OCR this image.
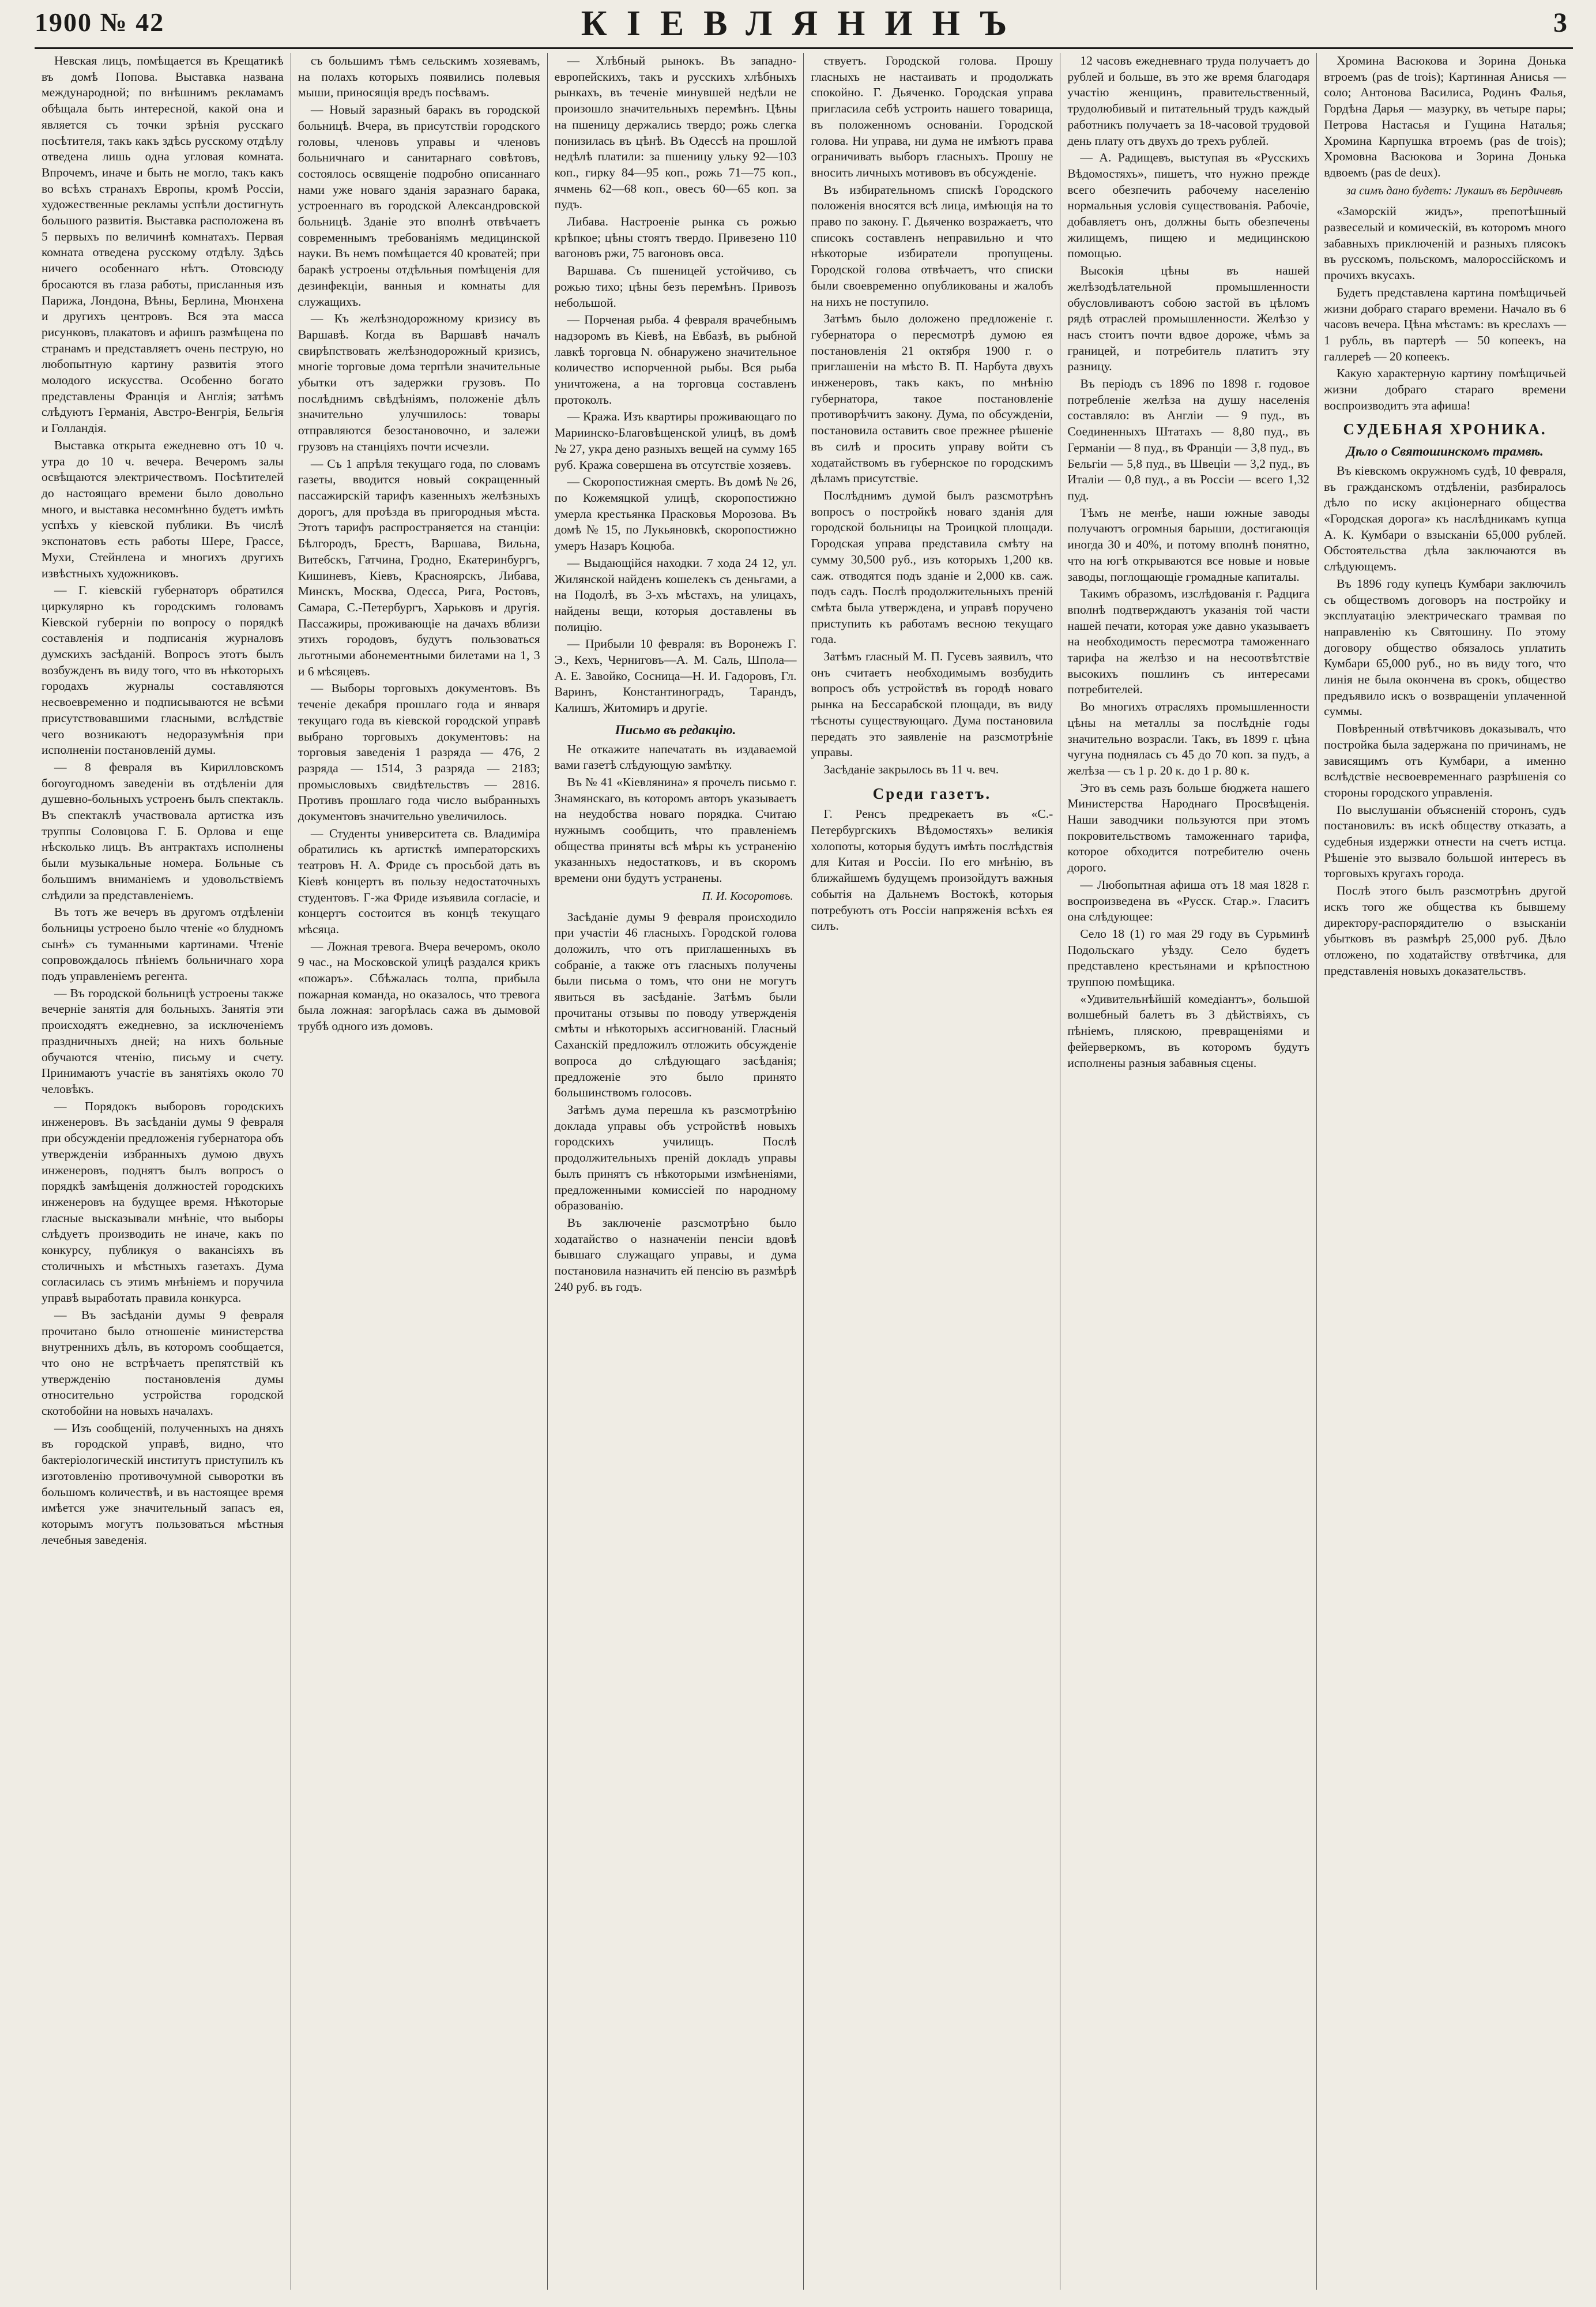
1900 № 42	КІЕВЛЯНИНЪ	3

Невская лицъ, помѣщается въ Крещатикѣ въ домѣ Попова. Выставка названа международной; по внѣшнимъ рекламамъ обѣщала быть интересной, какой она и является съ точки зрѣнія русскаго посѣтителя, такъ какъ здѣсь русскому отдѣлу отведена лишь одна угловая комната. Впрочемъ, иначе и быть не могло, такъ какъ во всѣхъ странахъ Европы, кромѣ Россіи, художественные рекламы успѣли достигнуть большого развитія. Выставка расположена въ 5 первыхъ по величинѣ комнатахъ. Первая комната отведена русскому отдѣлу. Здѣсь ничего особеннаго нѣтъ. Отовсюду бросаются въ глаза работы, присланныя изъ Парижа, Лондона, Вѣны, Берлина, Мюнхена и другихъ центровъ. Вся эта масса рисунковъ, плакатовъ и афишъ размѣщена по странамъ и представляетъ очень пеструю, но любопытную картину развитія этого молодого искусства. Особенно богато представлены Франція и Англія; затѣмъ слѣдуютъ Германія, Австро-Венгрія, Бельгія и Голландія.

Выставка открыта ежедневно отъ 10 ч. утра до 10 ч. вечера. Вечеромъ залы освѣщаются электричествомъ. Посѣтителей до настоящаго времени было довольно много, и выставка несомнѣнно будетъ имѣть успѣхъ у кіевской публики. Въ числѣ экспонатовъ есть работы Шере, Грассе, Мухи, Стейнлена и многихъ другихъ извѣстныхъ художниковъ.

— Г. кіевскій губернаторъ обратился циркулярно къ городскимъ головамъ Кіевской губерніи по вопросу о порядкѣ составленія и подписанія журналовъ думскихъ засѣданій. Вопросъ этотъ былъ возбужденъ въ виду того, что въ нѣкоторыхъ городахъ журналы составляются несвоевременно и подписываются не всѣми присутствовавшими гласными, вслѣдствіе чего возникаютъ недоразумѣнія при исполненіи постановленій думы.

— 8 февраля въ Кирилловскомъ богоугодномъ заведеніи въ отдѣленіи для душевно-больныхъ устроенъ былъ спектакль. Въ спектаклѣ участвовала артистка изъ труппы Соловцова Г. Б. Орлова и еще нѣсколько лицъ. Въ антрактахъ исполнены были музыкальные номера. Больные съ большимъ вниманіемъ и удовольствіемъ слѣдили за представленіемъ.

Въ тотъ же вечеръ въ другомъ отдѣленіи больницы устроено было чтеніе «о блудномъ сынѣ» съ туманными картинами. Чтеніе сопровождалось пѣніемъ больничнаго хора подъ управленіемъ регента.

— Въ городской больницѣ устроены также вечерніе занятія для больныхъ. Занятія эти происходятъ ежедневно, за исключеніемъ праздничныхъ дней; на нихъ больные обучаются чтенію, письму и счету. Принимаютъ участіе въ занятіяхъ около 70 человѣкъ.

— Порядокъ выборовъ городскихъ инженеровъ. Въ засѣданіи думы 9 февраля при обсужденіи предложенія губернатора объ утвержденіи избранныхъ думою двухъ инженеровъ, поднятъ былъ вопросъ о порядкѣ замѣщенія должностей городскихъ инженеровъ на будущее время. Нѣкоторые гласные высказывали мнѣніе, что выборы слѣдуетъ производить не иначе, какъ по конкурсу, публикуя о вакансіяхъ въ столичныхъ и мѣстныхъ газетахъ. Дума согласилась съ этимъ мнѣніемъ и поручила управѣ выработать правила конкурса.

— Въ засѣданіи думы 9 февраля прочитано было отношеніе министерства внутреннихъ дѣлъ, въ которомъ сообщается, что оно не встрѣчаетъ препятствій къ утвержденію постановленія думы относительно устройства городской скотобойни на новыхъ началахъ.

— Изъ сообщеній, полученныхъ на дняхъ въ городской управѣ, видно, что бактеріологическій институтъ приступилъ къ изготовленію противочумной сыворотки въ большомъ количествѣ, и въ настоящее время имѣется уже значительный запасъ ея, которымъ могутъ пользоваться мѣстныя лечебныя заведенія.

съ большимъ тѣмъ сельскимъ хозяевамъ, на полахъ которыхъ появились полевыя мыши, приносящія вредъ посѣвамъ.

— Новый заразный баракъ въ городской больницѣ. Вчера, въ присутствіи городского головы, членовъ управы и членовъ больничнаго и санитарнаго совѣтовъ, состоялось освященіе подробно описаннаго нами уже новаго зданія заразнаго барака, устроеннаго въ городской Александровской больницѣ. Зданіе это вполнѣ отвѣчаетъ современнымъ требованіямъ медицинской науки. Въ немъ помѣщается 40 кроватей; при баракѣ устроены отдѣльныя помѣщенія для дезинфекціи, ванныя и комнаты для служащихъ.

— Къ желѣзнодорожному кризису въ Варшавѣ. Когда въ Варшавѣ началъ свирѣпствовать желѣзнодорожный кризисъ, многіе торговые дома терпѣли значительные убытки отъ задержки грузовъ. По послѣднимъ свѣдѣніямъ, положеніе дѣлъ значительно улучшилось: товары отправляются безостановочно, и залежи грузовъ на станціяхъ почти исчезли.

— Съ 1 апрѣля текущаго года, по словамъ газеты, вводится новый сокращенный пассажирскій тарифъ казенныхъ желѣзныхъ дорогъ, для проѣзда въ пригородныя мѣста. Этотъ тарифъ распространяется на станціи: Бѣлгородъ, Брестъ, Варшава, Вильна, Витебскъ, Гатчина, Гродно, Екатеринбургъ, Кишиневъ, Кіевъ, Красноярскъ, Либава, Минскъ, Москва, Одесса, Рига, Ростовъ, Самара, С.-Петербургъ, Харьковъ и другія. Пассажиры, проживающіе на дачахъ вблизи этихъ городовъ, будутъ пользоваться льготными абонементными билетами на 1, 3 и 6 мѣсяцевъ.

— Выборы торговыхъ документовъ. Въ теченіе декабря прошлаго года и января текущаго года въ кіевской городской управѣ выбрано торговыхъ документовъ: на торговыя заведенія 1 разряда — 476, 2 разряда — 1514, 3 разряда — 2183; промысловыхъ свидѣтельствъ — 2816. Противъ прошлаго года число выбранныхъ документовъ значительно увеличилось.

— Студенты университета св. Владиміра обратились къ артисткѣ императорскихъ театровъ Н. А. Фриде съ просьбой дать въ Кіевѣ концертъ въ пользу недостаточныхъ студентовъ. Г-жа Фриде изъявила согласіе, и концертъ состоится въ концѣ текущаго мѣсяца.

— Ложная тревога. Вчера вечеромъ, около 9 час., на Московской улицѣ раздался крикъ «пожаръ». Сбѣжалась толпа, прибыла пожарная команда, но оказалось, что тревога была ложная: загорѣлась сажа въ дымовой трубѣ одного изъ домовъ.

— Хлѣбный рынокъ. Въ западно-европейскихъ, такъ и русскихъ хлѣбныхъ рынкахъ, въ теченіе минувшей недѣли не произошло значительныхъ перемѣнъ. Цѣны на пшеницу держались твердо; рожь слегка понизилась въ цѣнѣ. Въ Одессѣ на прошлой недѣлѣ платили: за пшеницу ульку 92—103 коп., гирку 84—95 коп., рожь 71—75 коп., ячмень 62—68 коп., овесъ 60—65 коп. за пудъ.

Либава. Настроеніе рынка съ рожью крѣпкое; цѣны стоятъ твердо. Привезено 110 вагоновъ ржи, 75 вагоновъ овса.

Варшава. Съ пшеницей устойчиво, съ рожью тихо; цѣны безъ перемѣнъ. Привозъ небольшой.

— Порченая рыба. 4 февраля врачебнымъ надзоромъ въ Кіевѣ, на Евбазѣ, въ рыбной лавкѣ торговца N. обнаружено значительное количество испорченной рыбы. Вся рыба уничтожена, а на торговца составленъ протоколъ.

— Кража. Изъ квартиры проживающаго по Мариинско-Благовѣщенской улицѣ, въ домѣ № 27, укра дено разныхъ вещей на сумму 165 руб. Кража совершена въ отсутствіе хозяевъ.

— Скоропостижная смерть. Въ домѣ № 26, по Кожемяцкой улицѣ, скоропостижно умерла крестьянка Прасковья Морозова. Въ домѣ № 15, по Лукьяновкѣ, скоропостижно умеръ Назаръ Коцюба.

— Выдающійся находки. 7 хода 24 12, ул. Жилянской найденъ кошелекъ съ деньгами, а на Подолѣ, въ 3-хъ мѣстахъ, на улицахъ, найдены вещи, которыя доставлены въ полицію.

— Прибыли 10 февраля: въ Воронежъ Г. Э., Кехъ, Черниговъ—А. М. Саль, Шпола—А. Е. Завойко, Сосница—Н. И. Гадоровъ, Гл. Варинъ, Константиноградъ, Тарандъ, Калишъ, Житомиръ и другіе.

Письмо въ редакцію.

Не откажите напечатать въ издаваемой вами газетѣ слѣдующую замѣтку.

Въ № 41 «Кіевлянина» я прочелъ письмо г. Знамянскаго, въ которомъ авторъ указываетъ на неудобства новаго порядка. Считаю нужнымъ сообщить, что правленіемъ общества приняты всѣ мѣры къ устраненію указанныхъ недостатковъ, и въ скоромъ времени они будутъ устранены.

П. И. Косоротовъ.

Засѣданіе думы 9 февраля происходило при участіи 46 гласныхъ. Городской голова доложилъ, что отъ приглашенныхъ въ собраніе, а также отъ гласныхъ получены были письма о томъ, что они не могутъ явиться въ засѣданіе. Затѣмъ были прочитаны отзывы по поводу утвержденія смѣты и нѣкоторыхъ ассигнованій. Гласный Саханскій предложилъ отложить обсужденіе вопроса до слѣдующаго засѣданія; предложеніе это было принято большинствомъ голосовъ.

Затѣмъ дума перешла къ разсмотрѣнію доклада управы объ устройствѣ новыхъ городскихъ училищъ. Послѣ продолжительныхъ преній докладъ управы былъ принятъ съ нѣкоторыми измѣненіями, предложенными комиссіей по народному образованію.

Въ заключеніе разсмотрѣно было ходатайство о назначеніи пенсіи вдовѣ бывшаго служащаго управы, и дума постановила назначить ей пенсію въ размѣрѣ 240 руб. въ годъ.

ствуетъ. Городской голова. Прошу гласныхъ не настаивать и продолжать спокойно. Г. Дьяченко. Городская управа пригласила себѣ устроить нашего товарища, въ положенномъ основаніи. Городской голова. Ни управа, ни дума не имѣютъ права ограничивать выборъ гласныхъ. Прошу не вносить личныхъ мотивовъ въ обсужденіе.

Въ избирательномъ спискѣ Городского положенія вносятся всѣ лица, имѣющія на то право по закону. Г. Дьяченко возражаетъ, что списокъ составленъ неправильно и что нѣкоторые избиратели пропущены. Городской голова отвѣчаетъ, что списки были своевременно опубликованы и жалобъ на нихъ не поступило.

Затѣмъ было доложено предложеніе г. губернатора о пересмотрѣ думою ея постановленія 21 октября 1900 г. о приглашеніи на мѣсто В. П. Нарбута двухъ инженеровъ, такъ какъ, по мнѣнію губернатора, такое постановленіе противорѣчитъ закону. Дума, по обсужденіи, постановила оставить свое прежнее рѣшеніе въ силѣ и просить управу войти съ ходатайствомъ въ губернское по городскимъ дѣламъ присутствіе.

Послѣднимъ думой былъ разсмотрѣнъ вопросъ о постройкѣ новаго зданія для городской больницы на Троицкой площади. Городская управа представила смѣту на сумму 30,500 руб., изъ которыхъ 1,200 кв. саж. отводятся подъ зданіе и 2,000 кв. саж. подъ садъ. Послѣ продолжительныхъ преній смѣта была утверждена, и управѣ поручено приступить къ работамъ весною текущаго года.

Затѣмъ гласный М. П. Гусевъ заявилъ, что онъ считаетъ необходимымъ возбудить вопросъ объ устройствѣ въ городѣ новаго рынка на Бессарабской площади, въ виду тѣсноты существующаго. Дума постановила передать это заявленіе на разсмотрѣніе управы.

Засѣданіе закрылось въ 11 ч. веч.

Среди газетъ.

Г. Ренсъ предрекаетъ въ «С.-Петербургскихъ Вѣдомостяхъ» великія холопоты, которыя будутъ имѣть послѣдствія для Китая и Россіи. По его мнѣнію, въ ближайшемъ будущемъ произойдутъ важныя событія на Дальнемъ Востокѣ, которыя потребуютъ отъ Россіи напряженія всѣхъ ея силъ.

12 часовъ ежедневнаго труда получаетъ до рублей и больше, въ это же время благодаря участію женщинъ, правительственный, трудолюбивый и питательный трудъ каждый работникъ получаетъ за 18-часовой трудовой день плату отъ двухъ до трехъ рублей.

— А. Радищевъ, выступая въ «Русскихъ Вѣдомостяхъ», пишетъ, что нужно прежде всего обезпечить рабочему населенію нормальныя условія существованія. Рабочіе, добавляетъ онъ, должны быть обезпечены жилищемъ, пищею и медицинскою помощью.

Высокія цѣны въ нашей желѣзодѣлательной промышленности обусловливаютъ собою застой въ цѣломъ рядѣ отраслей промышленности. Желѣзо у насъ стоитъ почти вдвое дороже, чѣмъ за границей, и потребитель платитъ эту разницу.

Въ періодъ съ 1896 по 1898 г. годовое потребленіе желѣза на душу населенія составляло: въ Англіи — 9 пуд., въ Соединенныхъ Штатахъ — 8,80 пуд., въ Германіи — 8 пуд., въ Франціи — 3,8 пуд., въ Бельгіи — 5,8 пуд., въ Швеціи — 3,2 пуд., въ Италіи — 0,8 пуд., а въ Россіи — всего 1,32 пуд.

Тѣмъ не менѣе, наши южные заводы получаютъ огромныя барыши, достигающія иногда 30 и 40%, и потому вполнѣ понятно, что на югѣ открываются все новые и новые заводы, поглощающіе громадные капиталы.

Такимъ образомъ, изслѣдованія г. Радцига вполнѣ подтверждаютъ указанія той части нашей печати, которая уже давно указываетъ на необходимость пересмотра таможеннаго тарифа на желѣзо и на несоотвѣтствіе высокихъ пошлинъ съ интересами потребителей.

Во многихъ отрасляхъ промышленности цѣны на металлы за послѣдніе годы значительно возрасли. Такъ, въ 1899 г. цѣна чугуна поднялась съ 45 до 70 коп. за пудъ, а желѣза — съ 1 р. 20 к. до 1 р. 80 к.

Это въ семь разъ больше бюджета нашего Министерства Народнаго Просвѣщенія. Наши заводчики пользуются при этомъ покровительствомъ таможеннаго тарифа, которое обходится потребителю очень дорого.

— Любопытная афиша отъ 18 мая 1828 г. воспроизведена въ «Русск. Стар.». Гласитъ она слѣдующее:

Село 18 (1) го мая 29 году въ Сурьминѣ Подольскаго уѣзду. Село будетъ представлено крестьянами и крѣпостною труппою помѣщика.

«Удивительнѣйшій комедіантъ», большой волшебный балетъ въ 3 дѣйствіяхъ, съ пѣніемъ, пляскою, превращеніями и фейерверкомъ, въ которомъ будутъ исполнены разныя забавныя сцены.

Хромина Васюкова и Зорина Донька втроемъ (pas de trois); Картинная Анисья — соло; Антонова Василиса, Родинъ Фалья, Гордѣна Дарья — мазурку, въ четыре пары; Петрова Настасья и Гущина Наталья; Хромина Карпушка втроемъ (pas de trois); Хромовна Васюкова и Зорина Донька вдвоемъ (pas de deux).

за симъ дано будетъ: Лукашъ въ Бердичевѣ

«Заморскій жидъ», препотѣшный развеселый и комическій, въ которомъ много забавныхъ приключеній и разныхъ плясокъ въ русскомъ, польскомъ, малороссійскомъ и прочихъ вкусахъ.

Будетъ представлена картина помѣщичьей жизни добраго стараго времени. Начало въ 6 часовъ вечера. Цѣна мѣстамъ: въ креслахъ — 1 рубль, въ партерѣ — 50 копеекъ, на галлереѣ — 20 копеекъ.

Какую характерную картину помѣщичьей жизни добраго стараго времени воспроизводитъ эта афиша!

СУДЕБНАЯ ХРОНИКА.
Дѣло о Святошинскомъ трамвѣ.

Въ кіевскомъ окружномъ судѣ, 10 февраля, въ гражданскомъ отдѣленіи, разбиралось дѣло по иску акціонернаго общества «Городская дорога» къ наслѣдникамъ купца А. К. Кумбари о взысканіи 65,000 рублей. Обстоятельства дѣла заключаются въ слѣдующемъ.

Въ 1896 году купецъ Кумбари заключилъ съ обществомъ договоръ на постройку и эксплуатацію электрическаго трамвая по направленію къ Святошину. По этому договору общество обязалось уплатить Кумбари 65,000 руб., но въ виду того, что линія не была окончена въ срокъ, общество предъявило искъ о возвращеніи уплаченной суммы.

Повѣренный отвѣтчиковъ доказывалъ, что постройка была задержана по причинамъ, не зависящимъ отъ Кумбари, а именно вслѣдствіе несвоевременнаго разрѣшенія со стороны городского управленія.

По выслушаніи объясненій сторонъ, судъ постановилъ: въ искѣ обществу отказать, а судебныя издержки отнести на счетъ истца. Рѣшеніе это вызвало большой интересъ въ торговыхъ кругахъ города.

Послѣ этого былъ разсмотрѣнъ другой искъ того же общества къ бывшему директору-распорядителю о взысканіи убытковъ въ размѣрѣ 25,000 руб. Дѣло отложено, по ходатайству отвѣтчика, для представленія новыхъ доказательствъ.
